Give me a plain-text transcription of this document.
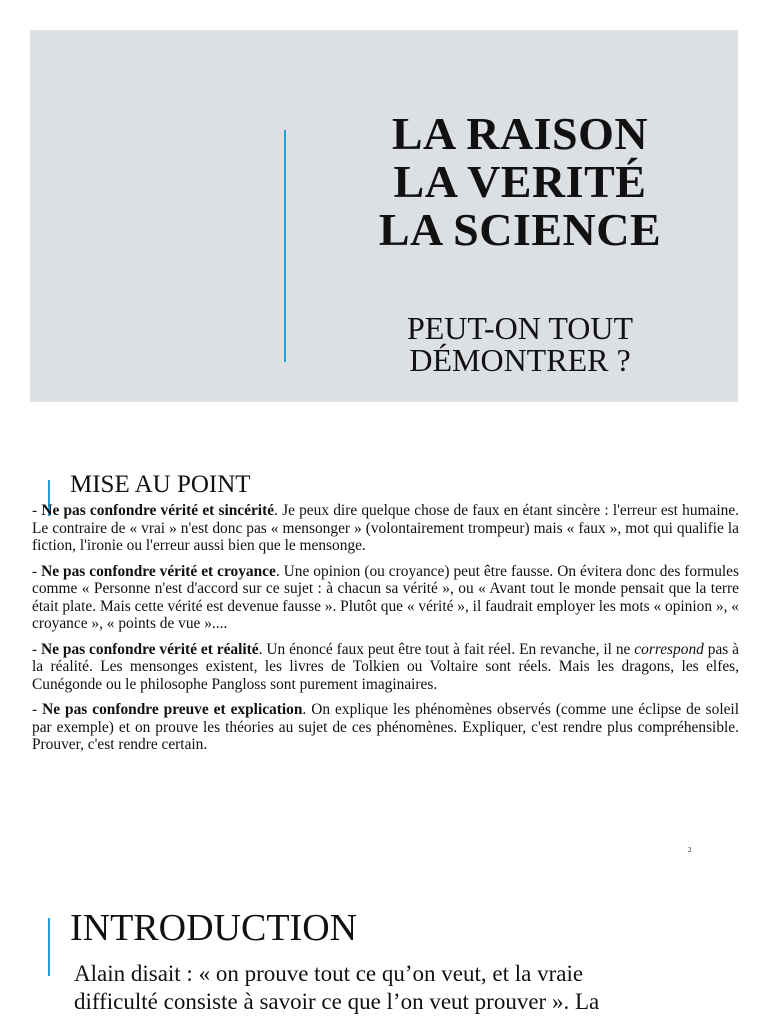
LA RAISON
LA VERITÉ
LA SCIENCE
PEUT-ON TOUT
DÉMONTRER ?
MISE AU POINT

- Ne pas confondre vérité et sincérité. Je peux dire quelque chose de faux en étant sincère : l'erreur est humaine. Le contraire de « vrai » n'est donc pas « mensonger » (volontairement trompeur) mais « faux », mot qui qualifie la fiction, l'ironie ou l'erreur aussi bien que le mensonge.

- Ne pas confondre vérité et croyance. Une opinion (ou croyance) peut être fausse. On évitera donc des formules comme « Personne n'est d'accord sur ce sujet : à chacun sa vérité », ou « Avant tout le monde pensait que la terre était plate. Mais cette vérité est devenue fausse ». Plutôt que « vérité », il faudrait employer les mots « opinion », « croyance », « points de vue »....

- Ne pas confondre vérité et réalité. Un énoncé faux peut être tout à fait réel. En revanche, il ne correspond pas à la réalité. Les mensonges existent, les livres de Tolkien ou Voltaire sont réels. Mais les dragons, les elfes, Cunégonde ou le philosophe Pangloss sont purement imaginaires.

- Ne pas confondre preuve et explication. On explique les phénomènes observés (comme une éclipse de soleil par exemple) et on prouve les théories au sujet de ces phénomènes. Expliquer, c'est rendre plus compréhensible. Prouver, c'est rendre certain.

2
INTRODUCTION
Alain disait : « on prouve tout ce qu’on veut, et la vraie
difficulté consiste à savoir ce que l’on veut prouver ». La
